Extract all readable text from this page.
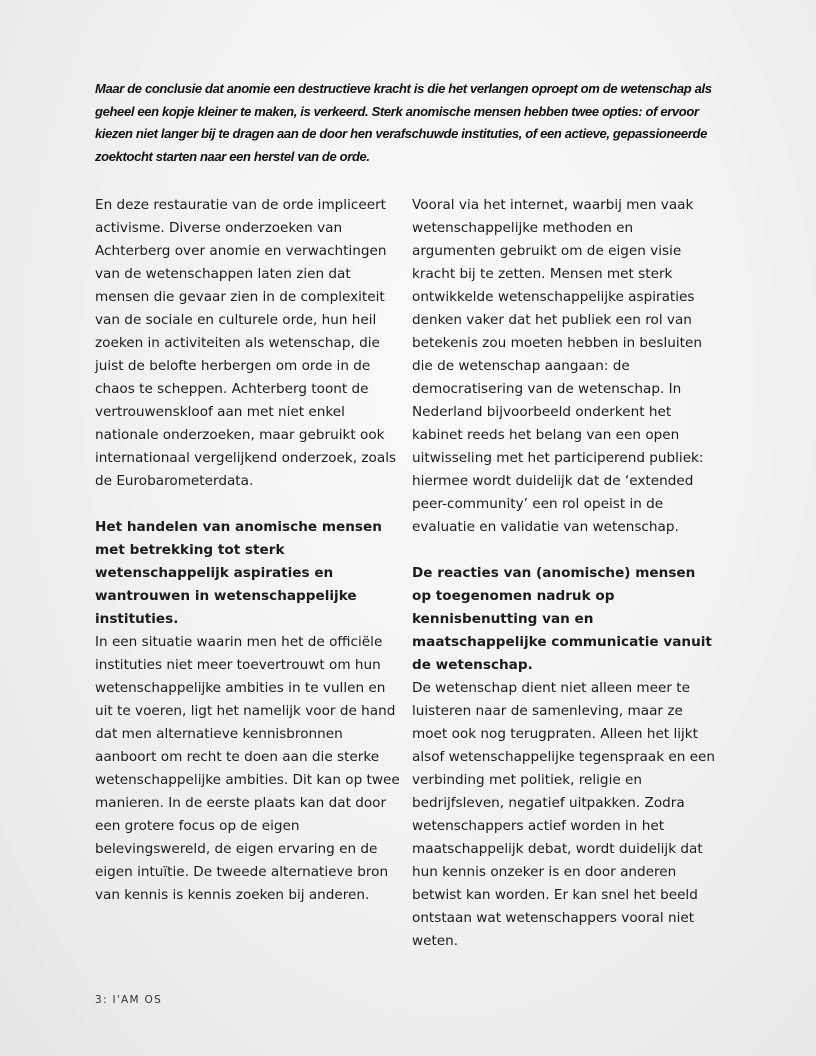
Maar de conclusie dat anomie een destructieve kracht is die het verlangen oproept om de wetenschap als geheel een kopje kleiner te maken, is verkeerd. Sterk anomische mensen hebben twee opties: of ervoor kiezen niet langer bij te dragen aan de door hen verafschuwde instituties, of een actieve, gepassioneerde zoektocht starten naar een herstel van de orde.

En deze restauratie van de orde impliceert activisme. Diverse onderzoeken van Achterberg over anomie en verwachtingen van de wetenschappen laten zien dat mensen die gevaar zien in de complexiteit van de sociale en culturele orde, hun heil zoeken in activiteiten als wetenschap, die juist de belofte herbergen om orde in de chaos te scheppen. Achterberg toont de vertrouwenskloof aan met niet enkel nationale onderzoeken, maar gebruikt ook internationaal vergelijkend onderzoek, zoals de Eurobarometerdata.

Het handelen van anomische mensen met betrekking tot sterk wetenschappelijk aspiraties en wantrouwen in wetenschappelijke instituties.

In een situatie waarin men het de officiële instituties niet meer toevertrouwt om hun wetenschappelijke ambities in te vullen en uit te voeren, ligt het namelijk voor de hand dat men alternatieve kennisbronnen aanboort om recht te doen aan die sterke wetenschappelijke ambities. Dit kan op twee manieren. In de eerste plaats kan dat door een grotere focus op de eigen belevingswereld, de eigen ervaring en de eigen intuïtie. De tweede alternatieve bron van kennis is kennis zoeken bij anderen.

Vooral via het internet, waarbij men vaak wetenschappelijke methoden en argumenten gebruikt om de eigen visie kracht bij te zetten. Mensen met sterk ontwikkelde wetenschappelijke aspiraties denken vaker dat het publiek een rol van betekenis zou moeten hebben in besluiten die de wetenschap aangaan: de democratisering van de wetenschap. In Nederland bijvoorbeeld onderkent het kabinet reeds het belang van een open uitwisseling met het participerend publiek: hiermee wordt duidelijk dat de ‘extended peer-community’ een rol opeist in de evaluatie en validatie van wetenschap.

De reacties van (anomische) mensen op toegenomen nadruk op kennisbenutting van en maatschappelijke communicatie vanuit de wetenschap.

De wetenschap dient niet alleen meer te luisteren naar de samenleving, maar ze moet ook nog terugpraten. Alleen het lijkt alsof wetenschappelijke tegenspraak en een verbinding met politiek, religie en bedrijfsleven, negatief uitpakken. Zodra wetenschappers actief worden in het maatschappelijk debat, wordt duidelijk dat hun kennis onzeker is en door anderen betwist kan worden. Er kan snel het beeld ontstaan wat wetenschappers vooral niet weten.

3: I'AM OS
